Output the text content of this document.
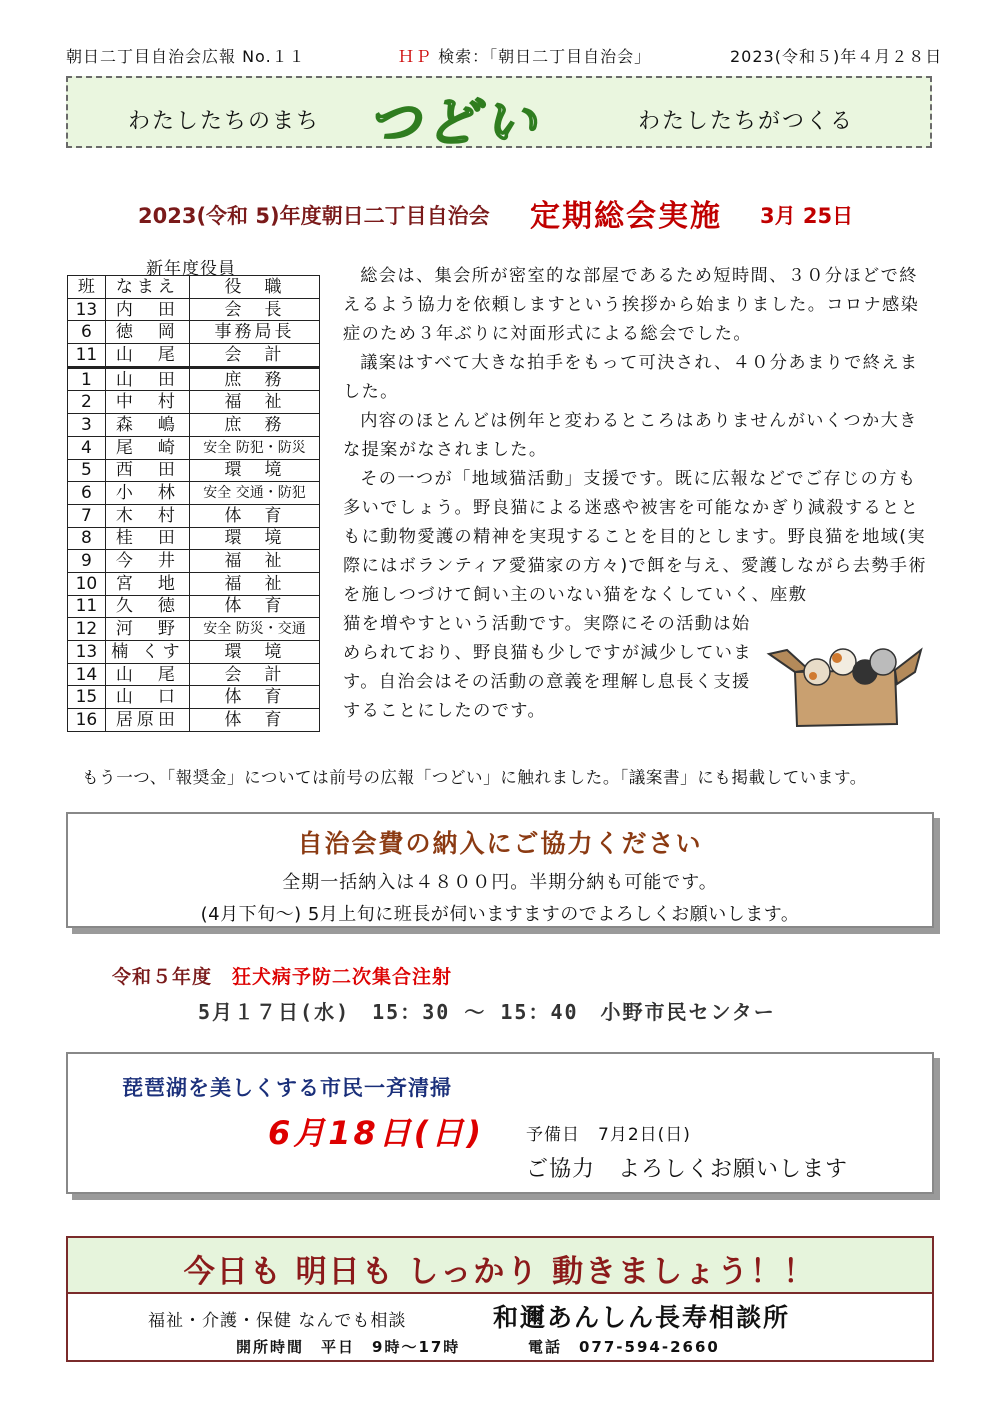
朝日二丁目自治会広報 No.１１	ＨＰ 検索：「朝日二丁目自治会」	2023(令和５)年４月２８日
わたしたちのまち つどい	わたしたちがつくる
2023(令和 5)年度朝日二丁目自治会 定期総会実施 3月 25日
新年度役員
班	なまえ	役　職
13	内　田	会　長
6	徳　岡	事務局長
11	山　尾	会　計
1	山　田	庶　務
2	中　村	福　祉
3	森　嶋	庶　務
4	尾　崎	安全 防犯・防災
5	西　田	環　境
6	小　林	安全 交通・防犯
7	木　村	体　育
8	桂　田	環　境
9	今　井	福　祉
10	宮　地	福　祉
11	久　徳	体　育
12	河　野	安全 防災・交通
13	楠 くす	環　境
14	山　尾	会　計
15	山　口	体　育
16	居原田	体　育

総会は、集会所が密室的な部屋であるため短時間、３０分ほどで終えるよう協力を依頼しますという挨拶から始まりました。コロナ感染症のため３年ぶりに対面形式による総会でした。

議案はすべて大きな拍手をもって可決され、４０分あまりで終えました。

内容のほとんどは例年と変わるところはありませんがいくつか大きな提案がなされました。

その一つが「地域猫活動」支援です。既に広報などでご存じの方も多いでしょう。野良猫による迷惑や被害を可能なかぎり減殺するとともに動物愛護の精神を実現することを目的とします。野良猫を地域(実際にはボランティア愛猫家の方々)で餌を与え、愛護しながら去勢手術を施しつづけて飼い主のいない猫をなくしていく、座敷

猫を増やすという活動です。実際にその活動は始められており、野良猫も少しですが減少しています。自治会はその活動の意義を理解し息長く支援することにしたのです。

もう一つ、「報奨金」については前号の広報「つどい」に触れました。「議案書」にも掲載しています。
自治会費の納入にご協力ください
全期一括納入は４８００円。半期分納も可能です。
(4月下旬〜) 5月上旬に班長が伺いますますのでよろしくお願いします。
令和５年度　 狂犬病予防二次集合注射
5月１７日(水)　15：30 〜 15：40　小野市民センター
琵琶湖を美しくする市民一斉清掃
6月18日(日) 予備日　7月2日(日)
ご協力　よろしくお願いします
今日も 明日も しっかり 動きましょう！！
福祉・介護・保健 なんでも相談	和邇あんしん長寿相談所
開所時間　平日　9時〜17時	電話　077-594-2660
